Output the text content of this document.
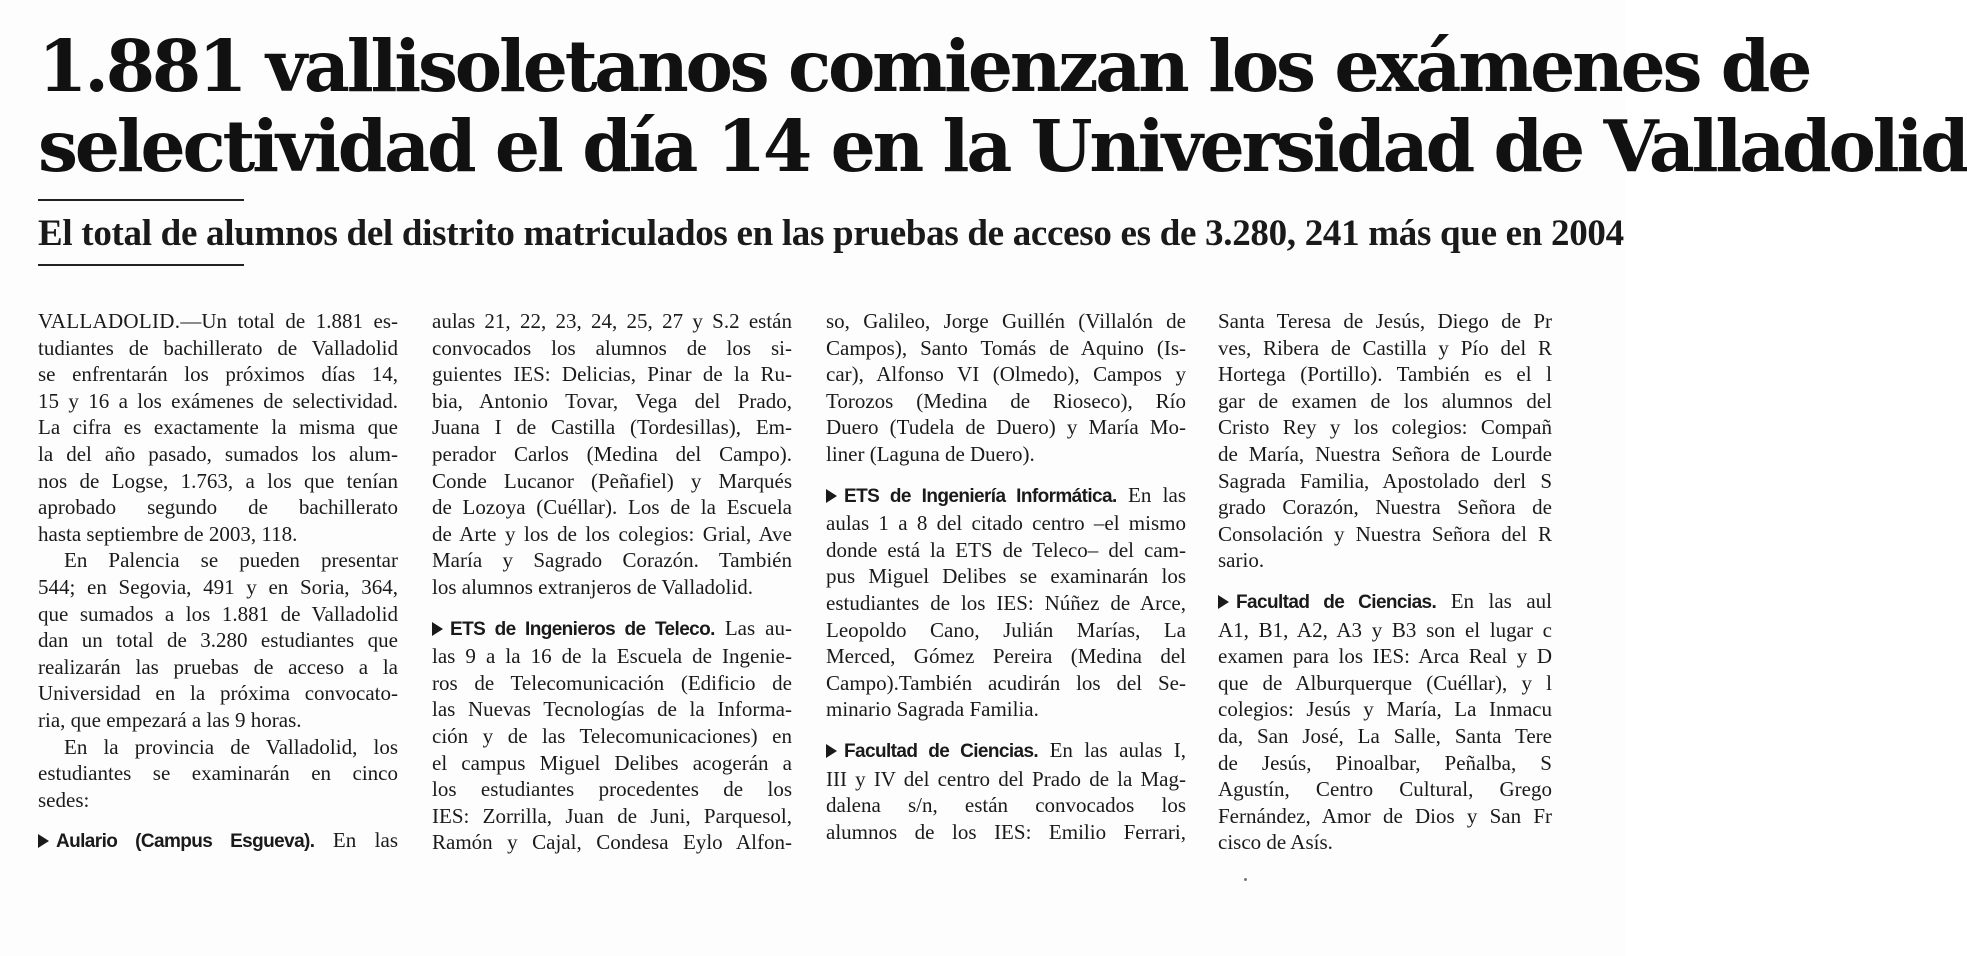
1.881 vallisoletanos comienzan los exámenes de
selectividad el día 14 en la Universidad de Valladolid
El total de alumnos del distrito matriculados en las pruebas de acceso es de 3.280, 241 más que en 2004
VALLADOLID.—Un total de 1.881 es-
tudiantes de bachillerato de Valladolid
se enfrentarán los próximos días 14,
15 y 16 a los exámenes de selectividad.
La cifra es exactamente la misma que
la del año pasado, sumados los alum-
nos de Logse, 1.763, a los que tenían
aprobado segundo de bachillerato
hasta septiembre de 2003, 118.
En Palencia se pueden presentar
544; en Segovia, 491 y en Soria, 364,
que sumados a los 1.881 de Valladolid
dan un total de 3.280 estudiantes que
realizarán las pruebas de acceso a la
Universidad en la próxima convocato-
ria, que empezará a las 9 horas.
En la provincia de Valladolid, los
estudiantes se examinarán en cinco
sedes:
Aulario (Campus Esgueva). En las
aulas 21, 22, 23, 24, 25, 27 y S.2 están
convocados los alumnos de los si-
guientes IES: Delicias, Pinar de la Ru-
bia, Antonio Tovar, Vega del Prado,
Juana I de Castilla (Tordesillas), Em-
perador Carlos (Medina del Campo).
Conde Lucanor (Peñafiel) y Marqués
de Lozoya (Cuéllar). Los de la Escuela
de Arte y los de los colegios: Grial, Ave
María y Sagrado Corazón. También
los alumnos extranjeros de Valladolid.
ETS de Ingenieros de Teleco. Las au-
las 9 a la 16 de la Escuela de Ingenie-
ros de Telecomunicación (Edificio de
las Nuevas Tecnologías de la Informa-
ción y de las Telecomunicaciones) en
el campus Miguel Delibes acogerán a
los estudiantes procedentes de los
IES: Zorrilla, Juan de Juni, Parquesol,
Ramón y Cajal, Condesa Eylo Alfon-
so, Galileo, Jorge Guillén (Villalón de
Campos), Santo Tomás de Aquino (Is-
car), Alfonso VI (Olmedo), Campos y
Torozos (Medina de Rioseco), Río
Duero (Tudela de Duero) y María Mo-
liner (Laguna de Duero).
ETS de Ingeniería Informática. En las
aulas 1 a 8 del citado centro –el mismo
donde está la ETS de Teleco– del cam-
pus Miguel Delibes se examinarán los
estudiantes de los IES: Núñez de Arce,
Leopoldo Cano, Julián Marías, La
Merced, Gómez Pereira (Medina del
Campo).También acudirán los del Se-
minario Sagrada Familia.
Facultad de Ciencias. En las aulas I,
III y IV del centro del Prado de la Mag-
dalena s/n, están convocados los
alumnos de los IES: Emilio Ferrari,
Santa Teresa de Jesús, Diego de Pr
ves, Ribera de Castilla y Pío del R
Hortega (Portillo). También es el l
gar de examen de los alumnos del
Cristo Rey y los colegios: Compañ
de María, Nuestra Señora de Lourde
Sagrada Familia, Apostolado derl S
grado Corazón, Nuestra Señora de
Consolación y Nuestra Señora del R
sario.
Facultad de Ciencias. En las aul
A1, B1, A2, A3 y B3 son el lugar c
examen para los IES: Arca Real y D
que de Alburquerque (Cuéllar), y l
colegios: Jesús y María, La Inmacu
da, San José, La Salle, Santa Tere
de Jesús, Pinoalbar, Peñalba, S
Agustín, Centro Cultural, Grego
Fernández, Amor de Dios y San Fr
cisco de Asís.
